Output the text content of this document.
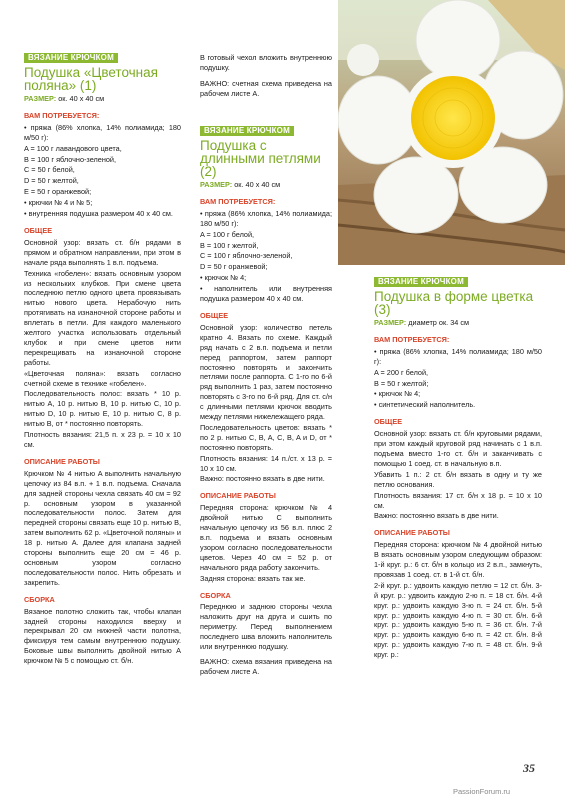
ВЯЗАНИЕ КРЮЧКОМ
Подушка «Цветочная поляна» (1)
РАЗМЕР: ок. 40 х 40 см
ВАМ ПОТРЕБУЕТСЯ:

• пряжа (86% хлопка, 14% полиамида; 180 м/50 г):

A = 100 г лавандового цвета,

B = 100 г яблочно-зеленой,

C = 50 г белой,

D = 50 г желтой,

E = 50 г оранжевой;

• крючки № 4 и № 5;

• внутренняя подушка размером 40 х 40 см.

ОБЩЕЕ

Основной узор: вязать ст. б/н рядами в прямом и обратном направлении, при этом в начале ряда выполнять 1 в.п. подъема.

Техника «гобелен»: вязать основным узором из нескольких клубков. При смене цвета последнюю петлю одного цвета провязывать нитью нового цвета. Нерабочую нить протягивать на изнаночной стороне работы и вплетать в петли. Для каждого маленького желтого участка использовать отдельный клубок и при смене цветов нити перекрещивать на изнаночной стороне работы.

«Цветочная поляна»: вязать согласно счетной схеме в технике «гобелен».

Последовательность полос: вязать * 10 р. нитью A, 10 р. нитью B, 10 р. нитью C, 10 р. нитью D, 10 р. нитью E, 10 р. нитью C, 8 р. нитью B, от * постоянно повторять.

Плотность вязания: 21,5 п. х 23 р. = 10 х 10 см.

ОПИСАНИЕ РАБОТЫ

Крючком № 4 нитью A выполнить начальную цепочку из 84 в.п. + 1 в.п. подъема. Сначала для задней стороны чехла связать 40 см = 92 р. основным узором в указанной последовательности полос. Затем для передней стороны связать еще 10 р. нитью B, затем выполнить 62 р. «Цветочной поляны» и 18 р. нитью A. Далее для клапана задней стороны выполнить еще 20 см = 46 р. основным узором согласно последовательности полос. Нить обрезать и закрепить.

СБОРКА

Вязаное полотно сложить так, чтобы клапан задней стороны находился вверху и перекрывал 20 см нижней части полотна, фиксируя тем самым внутреннюю подушку. Боковые швы выполнить двойной нитью A крючком № 5 с помощью ст. б/н.

В готовый чехол вложить внутреннюю подушку.

ВАЖНО: счетная схема приведена на рабочем листе A.

ВЯЗАНИЕ КРЮЧКОМ
Подушка с длинными петлями (2)
РАЗМЕР: ок. 40 х 40 см
ВАМ ПОТРЕБУЕТСЯ:

• пряжа (86% хлопка, 14% полиамида; 180 м/50 г):

A = 100 г белой,

B = 100 г желтой,

C = 100 г яблочно-зеленой,

D = 50 г оранжевой;

• крючок № 4;

• наполнитель или внутренняя подушка размером 40 х 40 см.

ОБЩЕЕ

Основной узор: количество петель кратно 4. Вязать по схеме. Каждый ряд начать с 2 в.п. подъема и петли перед раппортом, затем раппорт постоянно повторять и закончить петлями после раппорта. С 1-го по 6-й ряд выполнить 1 раз, затем постоянно повторять с 3-го по 6-й ряд. Для ст. с/н с длинными петлями крючок вводить между петлями нижележащего ряда.

Последовательность цветов: вязать * по 2 р. нитью C, B, A, C, B, A и D, от * постоянно повторять.

Плотность вязания: 14 п./ст. х 13 р. = 10 х 10 см.

Важно: постоянно вязать в две нити.

ОПИСАНИЕ РАБОТЫ

Передняя сторона: крючком № 4 двойной нитью C выполнить начальную цепочку из 56 в.п. плюс 2 в.п. подъема и вязать основным узором согласно последовательности цветов. Через 40 см = 52 р. от начального ряда работу закончить.

Задняя сторона: вязать так же.

СБОРКА

Переднюю и заднюю стороны чехла наложить друг на друга и сшить по периметру. Перед выполнением последнего шва вложить наполнитель или внутреннюю подушку.

ВАЖНО: схема вязания приведена на рабочем листе A.

ВЯЗАНИЕ КРЮЧКОМ
Подушка в форме цветка (3)
РАЗМЕР: диаметр ок. 34 см
ВАМ ПОТРЕБУЕТСЯ:

• пряжа (86% хлопка, 14% полиамида; 180 м/50 г):

A = 200 г белой,

B = 50 г желтой;

• крючок № 4;

• синтетический наполнитель.

ОБЩЕЕ

Основной узор: вязать ст. б/н круговыми рядами, при этом каждый круговой ряд начинать с 1 в.п. подъема вместо 1-го ст. б/н и заканчивать с помощью 1 соед. ст. в начальную в.п.

Убавить 1 п.: 2 ст. б/н вязать в одну и ту же петлю основания.

Плотность вязания: 17 ст. б/н х 18 р. = 10 х 10 см.

Важно: постоянно вязать в две нити.

ОПИСАНИЕ РАБОТЫ

Передняя сторона: крючком № 4 двойной нитью B вязать основным узором следующим образом: 1-й круг. р.: 6 ст. б/н в кольцо из 2 в.п., замкнуть, провязав 1 соед. ст. в 1-й ст. б/н.

2-й круг. р.: удвоить каждую петлю = 12 ст. б/н. 3-й круг. р.: удвоить каждую 2-ю п. = 18 ст. б/н. 4-й круг. р.: удвоить каждую 3-ю п. = 24 ст. б/н. 5-й круг. р.: удвоить каждую 4-ю п. = 30 ст. б/н. 6-й круг. р.: удвоить каждую 5-ю п. = 36 ст. б/н. 7-й круг. р.: удвоить каждую 6-ю п. = 42 ст. б/н. 8-й круг. р.: удвоить каждую 7-ю п. = 48 ст. б/н. 9-й круг. р.:

35
PassionForum.ru
